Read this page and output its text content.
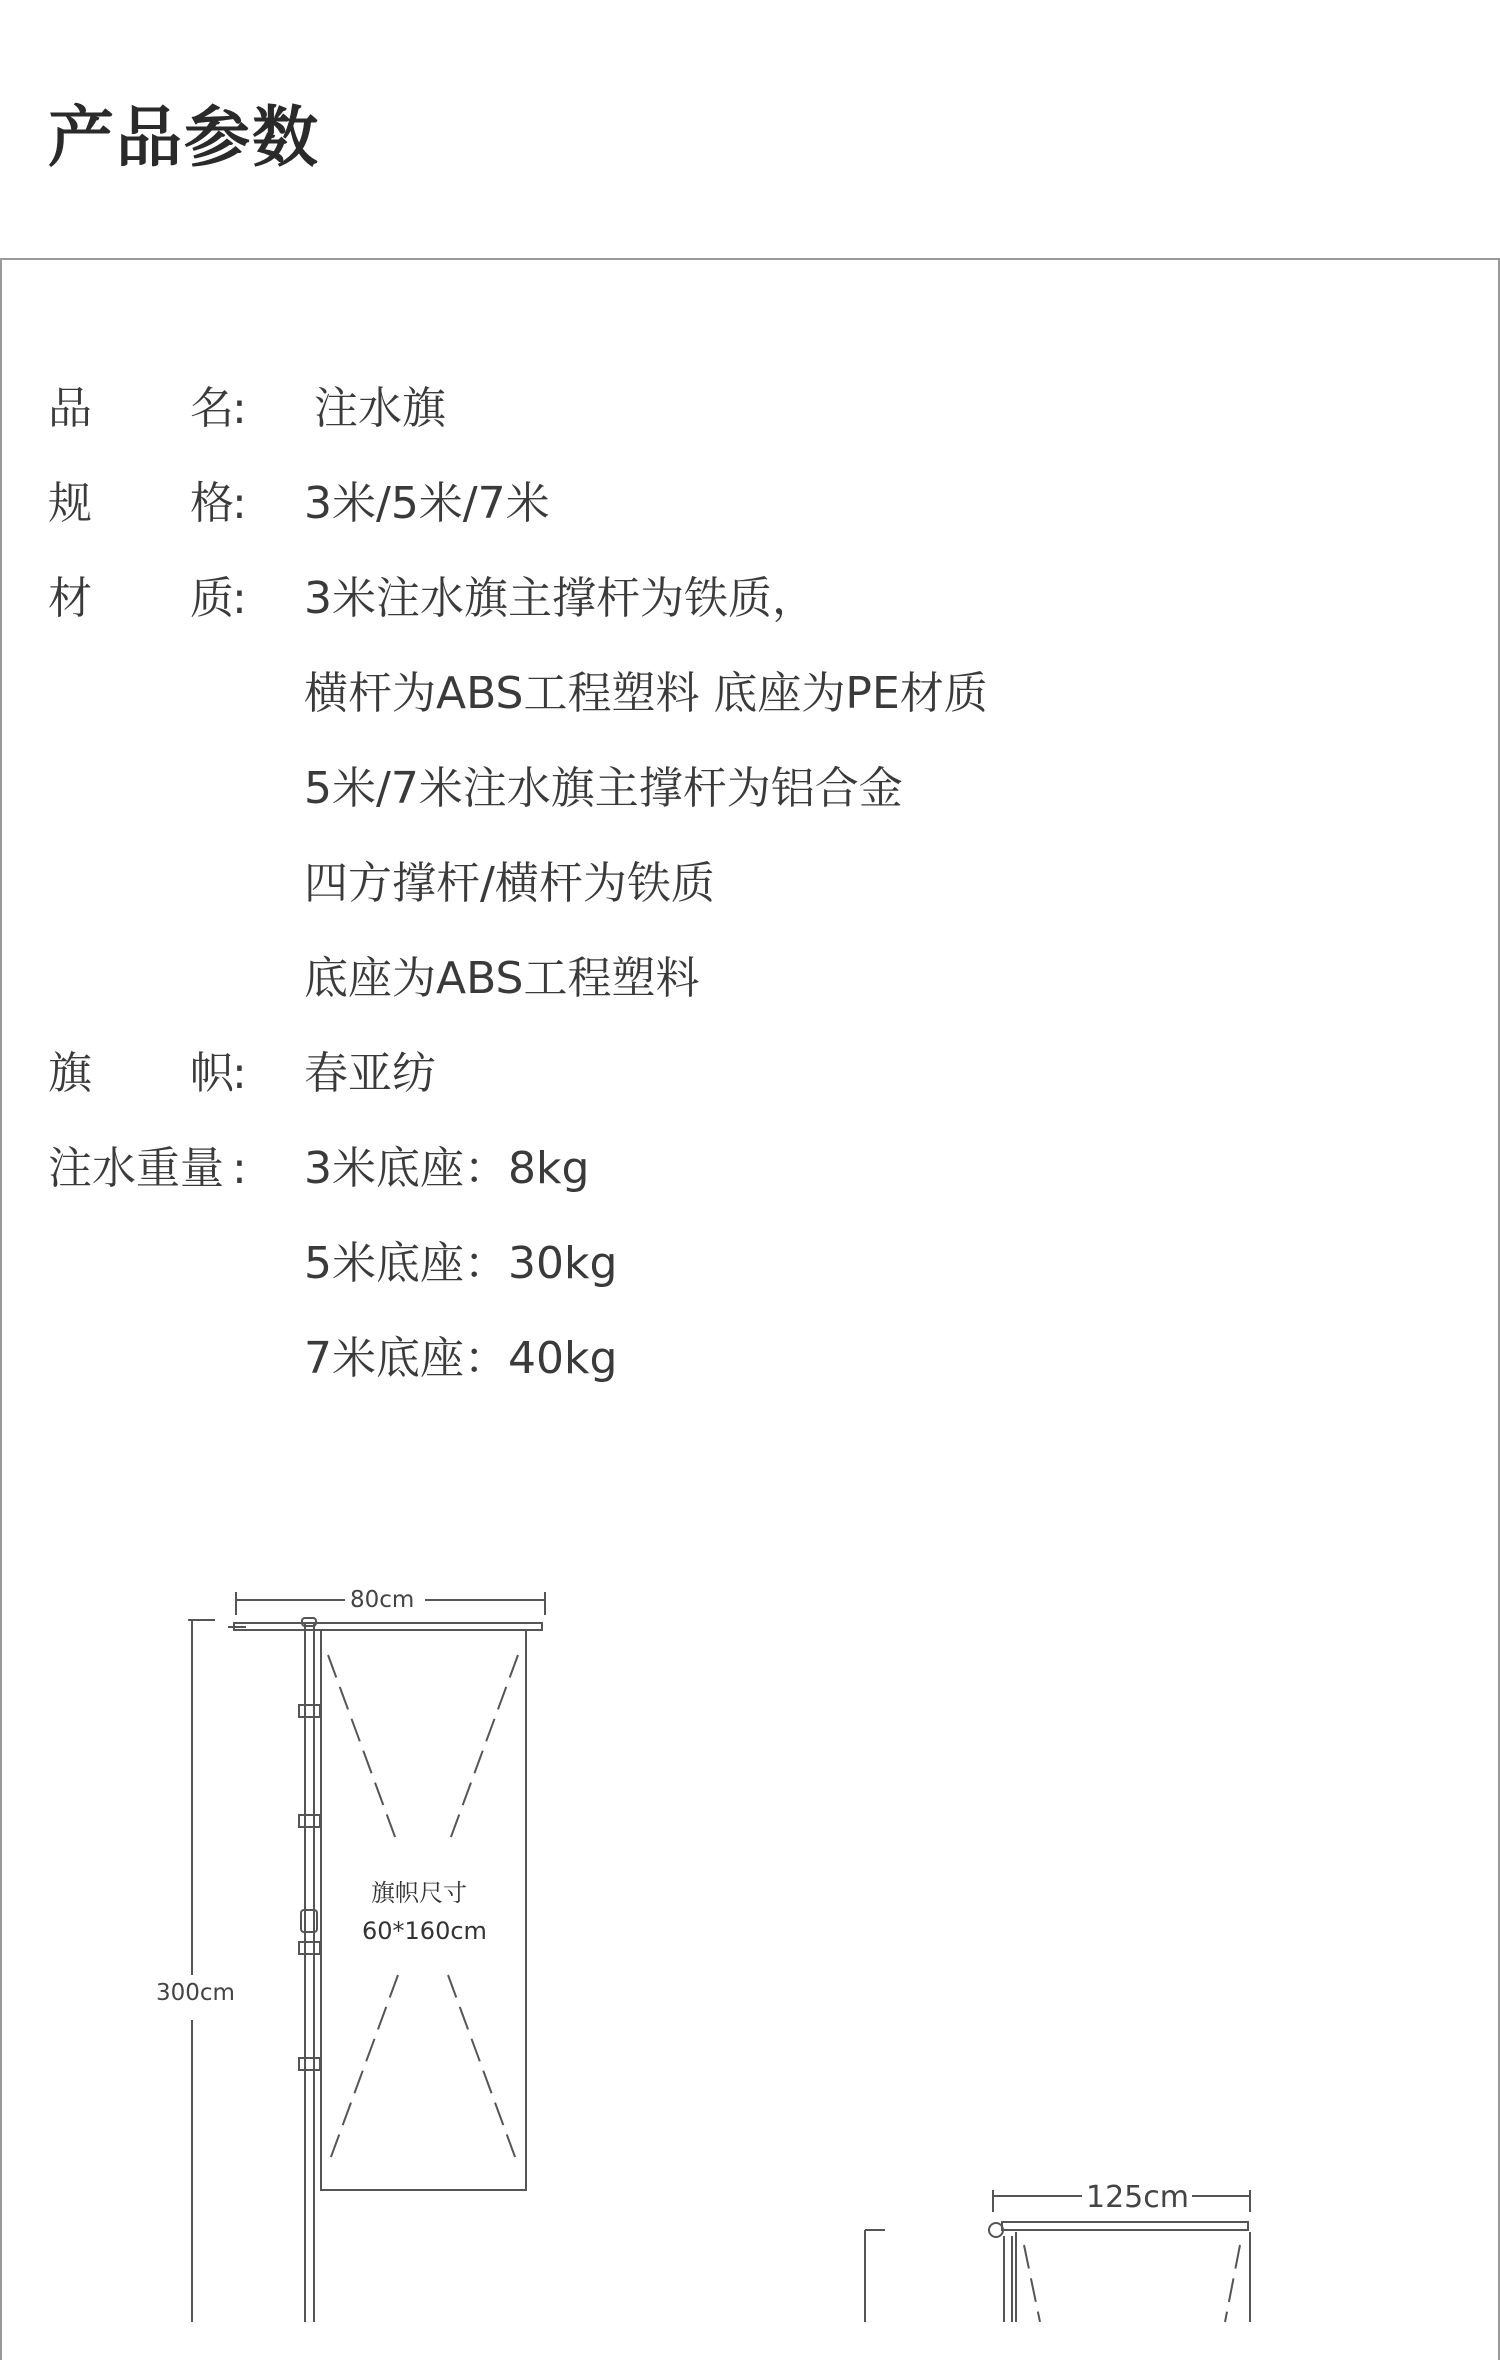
产品参数
品 名
: 注水旗
规 格
: 3米/5米/7米
材 质
: 3米注水旗主撑杆为铁质，
横杆为ABS工程塑料 底座为PE材质
5米/7米注水旗主撑杆为铝合金
四方撑杆/横杆为铁质
底座为ABS工程塑料
旗 帜
: 春亚纺
注水重量 : 3米底座：8kg
5米底座：30kg
7米底座：40kg
80cm
300cm
旗帜尺寸
60*160cm
125cm
